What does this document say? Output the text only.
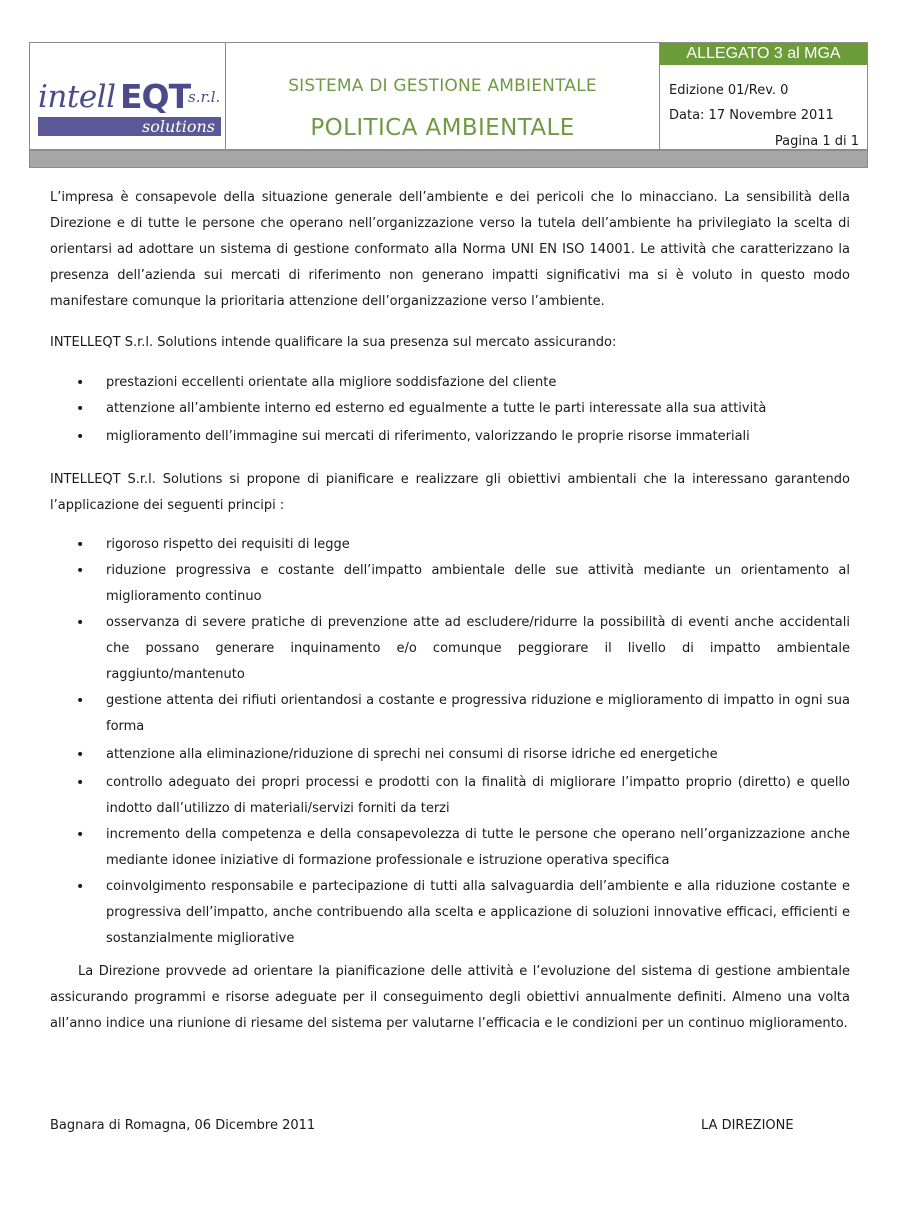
intell EQT
s.r.l.
solutions
SISTEMA DI GESTIONE AMBIENTALE
POLITICA AMBIENTALE
ALLEGATO 3 al MGA
Edizione 01/Rev. 0
Data: 17 Novembre 2011
Pagina 1 di 1

L’impresa è consapevole della situazione generale dell’ambiente e dei pericoli che lo minacciano. La sensibilità della Direzione e di tutte le persone che operano nell’organizzazione verso la tutela dell’ambiente ha privilegiato la scelta di orientarsi ad adottare un sistema di gestione conformato alla Norma UNI EN ISO 14001. Le attività che caratterizzano la presenza dell’azienda sui mercati di riferimento non generano impatti significativi ma si è voluto in questo modo manifestare comunque la prioritaria attenzione dell’organizzazione verso l’ambiente.

INTELLEQT S.r.l. Solutions intende qualificare la sua presenza sul mercato assicurando:

• prestazioni eccellenti orientate alla migliore soddisfazione del cliente
• attenzione all’ambiente interno ed esterno ed egualmente a tutte le parti interessate alla sua attività
• miglioramento dell’immagine sui mercati di riferimento, valorizzando le proprie risorse immateriali

INTELLEQT S.r.l. Solutions si propone di pianificare e realizzare gli obiettivi ambientali che la interessano garantendo l’applicazione dei seguenti principi :

• rigoroso rispetto dei requisiti di legge
• riduzione progressiva e costante dell’impatto ambientale delle sue attività mediante un orientamento al miglioramento continuo
• osservanza di severe pratiche di prevenzione atte ad escludere/ridurre la possibilità di eventi anche accidentali che possano generare inquinamento e/o comunque peggiorare il livello di impatto ambientale raggiunto/mantenuto
• gestione attenta dei rifiuti orientandosi a costante e progressiva riduzione e miglioramento di impatto in ogni sua forma
• attenzione alla eliminazione/riduzione di sprechi nei consumi di risorse idriche ed energetiche
• controllo adeguato dei propri processi e prodotti con la finalità di migliorare l’impatto proprio (diretto) e quello indotto dall’utilizzo di materiali/servizi forniti da terzi
• incremento della competenza e della consapevolezza di tutte le persone che operano nell’organizzazione anche mediante idonee iniziative di formazione professionale e istruzione operativa specifica
• coinvolgimento responsabile e partecipazione di tutti alla salvaguardia dell’ambiente e alla riduzione costante e progressiva dell’impatto, anche contribuendo alla scelta e applicazione di soluzioni innovative efficaci, efficienti e sostanzialmente migliorative

La Direzione provvede ad orientare la pianificazione delle attività e l’evoluzione del sistema di gestione ambientale assicurando programmi e risorse adeguate per il conseguimento degli obiettivi annualmente definiti. Almeno una volta all’anno indice una riunione di riesame del sistema per valutarne l’efficacia e le condizioni per un continuo miglioramento.

Bagnara di Romagna, 06 Dicembre 2011	LA DIREZIONE
